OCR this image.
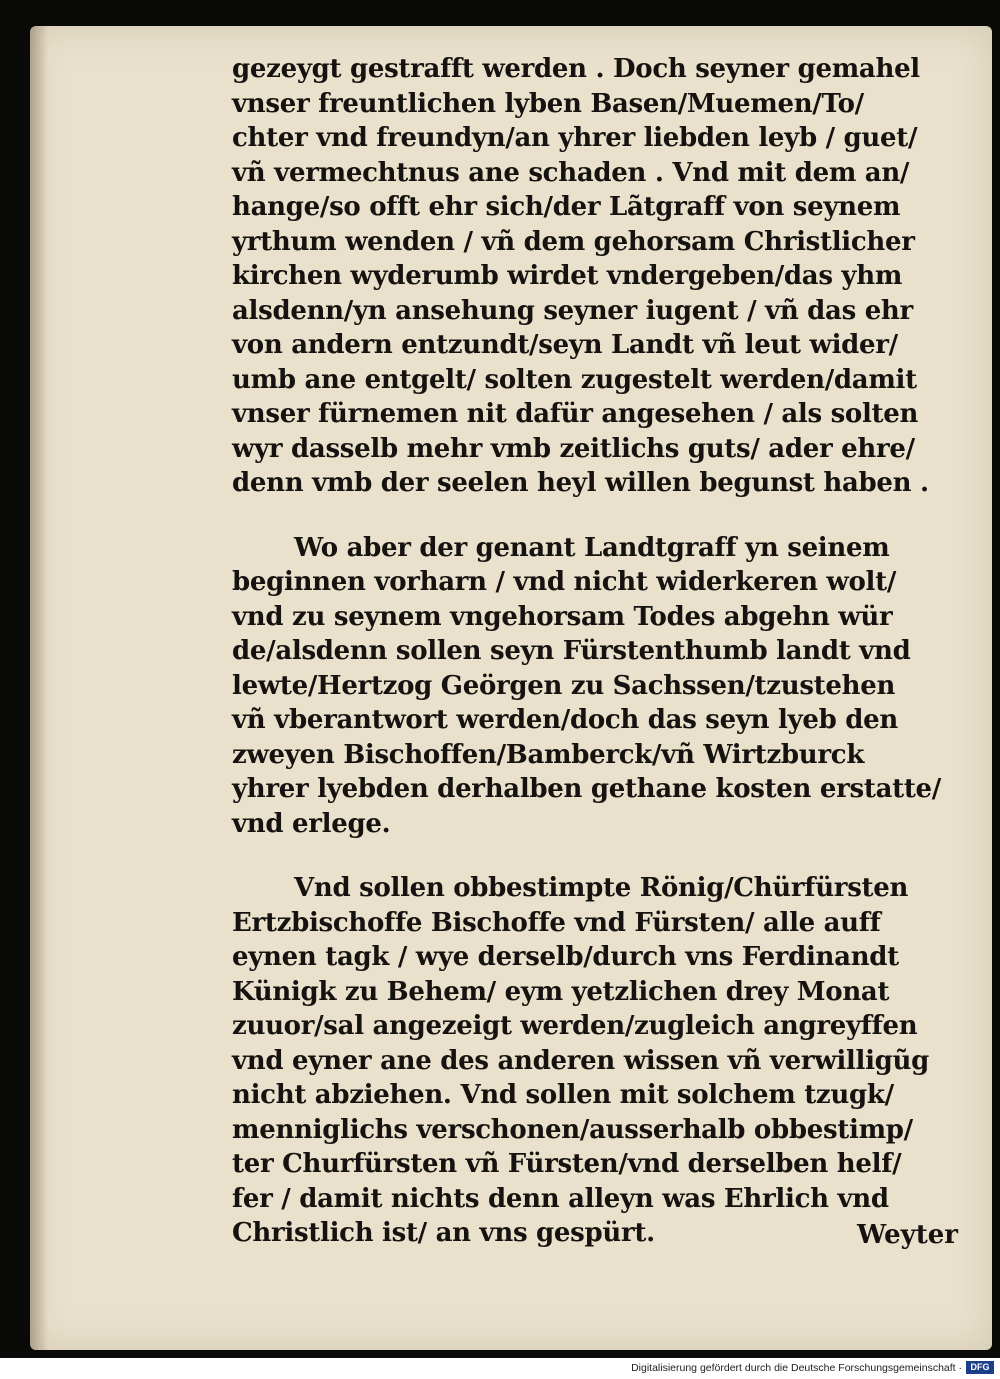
gezeygt gestrafft werden . Doch seyner gemahel
vnser freuntlichen lyben Basen/Muemen/To/
chter vnd freundyn/an yhrer liebden leyb / guet/
vñ vermechtnus ane schaden . Vnd mit dem an/
hange/so offt ehr sich/der Lãtgraff von seynem
yrthum wenden / vñ dem gehorsam Christlicher
kirchen wyderumb wirdet vndergeben/das yhm
alsdenn/yn ansehung seyner iugent / vñ das ehr
von andern entzundt/seyn Landt vñ leut wider/
umb ane entgelt/ solten zugestelt werden/damit
vnser fürnemen nit dafür angesehen / als solten
wyr dasselb mehr vmb zeitlichs guts/ ader ehre/
denn vmb der seelen heyl willen begunst haben .
Wo aber der genant Landtgraff yn seinem
beginnen vorharn / vnd nicht widerkeren wolt/
vnd zu seynem vngehorsam Todes abgehn wür
de/alsdenn sollen seyn Fürstenthumb landt vnd
lewte/Hertzog Geörgen zu Sachssen/tzustehen
vñ vberantwort werden/doch das seyn lyeb den
zweyen Bischoffen/Bamberck/vñ Wirtzburck
yhrer lyebden derhalben gethane kosten erstatte/
vnd erlege.
Vnd sollen obbestimpte Rönig/Chürfürsten
Ertzbischoffe Bischoffe vnd Fürsten/ alle auff
eynen tagk / wye derselb/durch vns Ferdinandt
Künigk zu Behem/ eym yetzlichen drey Monat
zuuor/sal angezeigt werden/zugleich angreyffen
vnd eyner ane des anderen wissen vñ verwilligũg
nicht abziehen. Vnd sollen mit solchem tzugk/
menniglichs verschonen/ausserhalb obbestimp/
ter Churfürsten vñ Fürsten/vnd derselben helf/
fer / damit nichts denn alleyn was Ehrlich vnd
Christlich ist/ an vns gespürt.	Weyter
Digitalisierung gefördert durch die Deutsche Forschungsgemeinschaft · DFG
